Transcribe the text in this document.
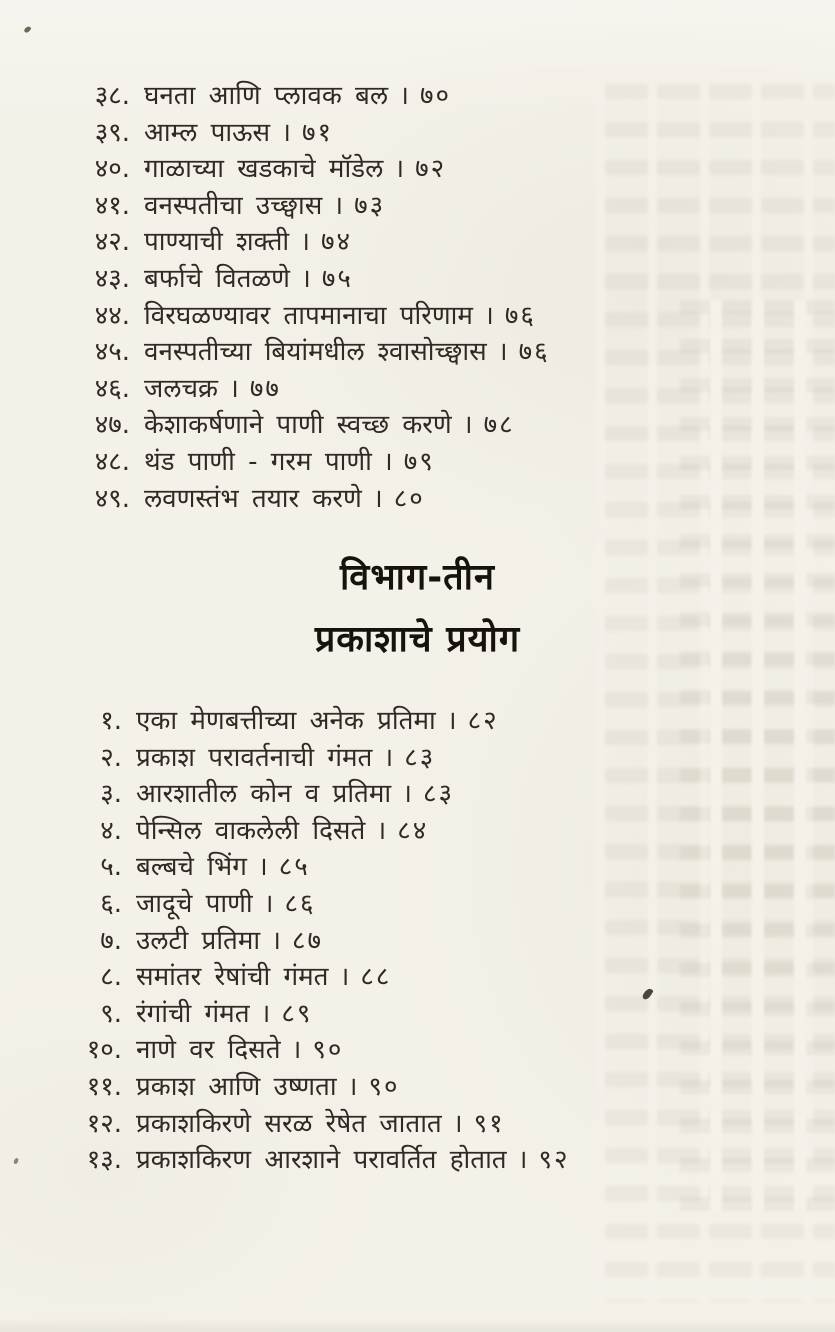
३८. घनता आणि प्लावक बल । ७०
३९. आम्ल पाऊस । ७१
४०. गाळाच्या खडकाचे मॉडेल । ७२
४१. वनस्पतीचा उच्छ्वास । ७३
४२. पाण्याची शक्ती । ७४
४३. बर्फाचे वितळणे । ७५
४४. विरघळण्यावर तापमानाचा परिणाम । ७६
४५. वनस्पतीच्या बियांमधील श्वासोच्छ्वास । ७६
४६. जलचक्र । ७७
४७. केशाकर्षणाने पाणी स्वच्छ करणे । ७८
४८. थंड पाणी - गरम पाणी । ७९
४९. लवणस्तंभ तयार करणे । ८०
विभाग-तीन
प्रकाशाचे प्रयोग
१. एका मेणबत्तीच्या अनेक प्रतिमा । ८२
२. प्रकाश परावर्तनाची गंमत । ८३
३. आरशातील कोन व प्रतिमा । ८३
४. पेन्सिल वाकलेली दिसते । ८४
५. बल्बचे भिंग । ८५
६. जादूचे पाणी । ८६
७. उलटी प्रतिमा । ८७
८. समांतर रेषांची गंमत । ८८
९. रंगांची गंमत । ८९
१०. नाणे वर दिसते । ९०
११. प्रकाश आणि उष्णता । ९०
१२. प्रकाशकिरणे सरळ रेषेत जातात । ९१
१३. प्रकाशकिरण आरशाने परावर्तित होतात । ९२
